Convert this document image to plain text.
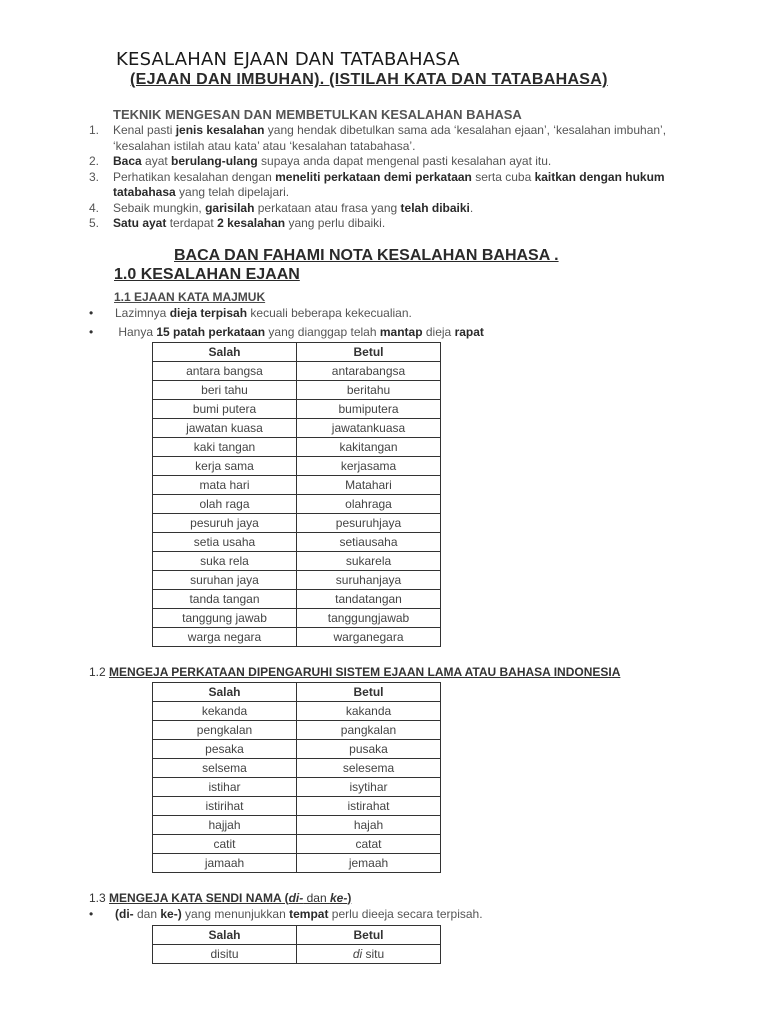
KESALAHAN EJAAN DAN TATABAHASA
(EJAAN DAN IMBUHAN). (ISTILAH KATA DAN TATABAHASA)
TEKNIK MENGESAN DAN MEMBETULKAN KESALAHAN BAHASA
1. Kenal pasti jenis kesalahan yang hendak dibetulkan sama ada ‘kesalahan ejaan’, ‘kesalahan imbuhan’, ‘kesalahan istilah atau kata’ atau ‘kesalahan tatabahasa’.
2. Baca ayat berulang-ulang supaya anda dapat mengenal pasti kesalahan ayat itu.
3. Perhatikan kesalahan dengan meneliti perkataan demi perkataan serta cuba kaitkan dengan hukum tatabahasa yang telah dipelajari.
4. Sebaik mungkin, garisilah perkataan atau frasa yang telah dibaiki.
5. Satu ayat terdapat 2 kesalahan yang perlu dibaiki.
BACA DAN FAHAMI NOTA KESALAHAN BAHASA .
1.0 KESALAHAN EJAAN
1.1 EJAAN KATA MAJMUK
• Lazimnya dieja terpisah kecuali beberapa kekecualian.
• Hanya 15 patah perkataan yang dianggap telah mantap dieja rapat
Salah	Betul
antara bangsa	antarabangsa
beri tahu	beritahu
bumi putera	bumiputera
jawatan kuasa	jawatankuasa
kaki tangan	kakitangan
kerja sama	kerjasama
mata hari	Matahari
olah raga	olahraga
pesuruh jaya	pesuruhjaya
setia usaha	setiausaha
suka rela	sukarela
suruhan jaya	suruhanjaya
tanda tangan	tandatangan
tanggung jawab	tanggungjawab
warga negara	warganegara
1.2 MENGEJA PERKATAAN DIPENGARUHI SISTEM EJAAN LAMA ATAU BAHASA INDONESIA
Salah	Betul
kekanda	kakanda
pengkalan	pangkalan
pesaka	pusaka
selsema	selesema
istihar	isytihar
istirihat	istirahat
hajjah	hajah
catit	catat
jamaah	jemaah
1.3 MENGEJA KATA SENDI NAMA (di- dan ke-)
• (di- dan ke-) yang menunjukkan tempat perlu dieeja secara terpisah.
Salah	Betul
disitu	di situ
